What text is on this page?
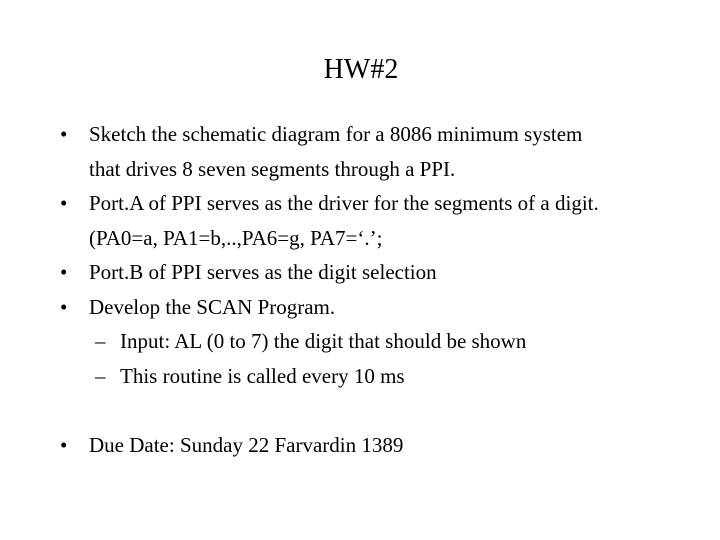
HW#2
•	Sketch the schematic diagram for a 8086 minimum system
that drives 8 seven segments through a PPI.
•	Port.A of PPI serves as the driver for the segments of a digit.
(PA0=a, PA1=b,..,PA6=g, PA7=‘.’;
•	Port.B of PPI serves as the digit selection
•	Develop the SCAN Program.
– Input: AL (0 to 7) the digit that should be shown
– This routine is called every 10 ms
•	Due Date: Sunday 22 Farvardin 1389
